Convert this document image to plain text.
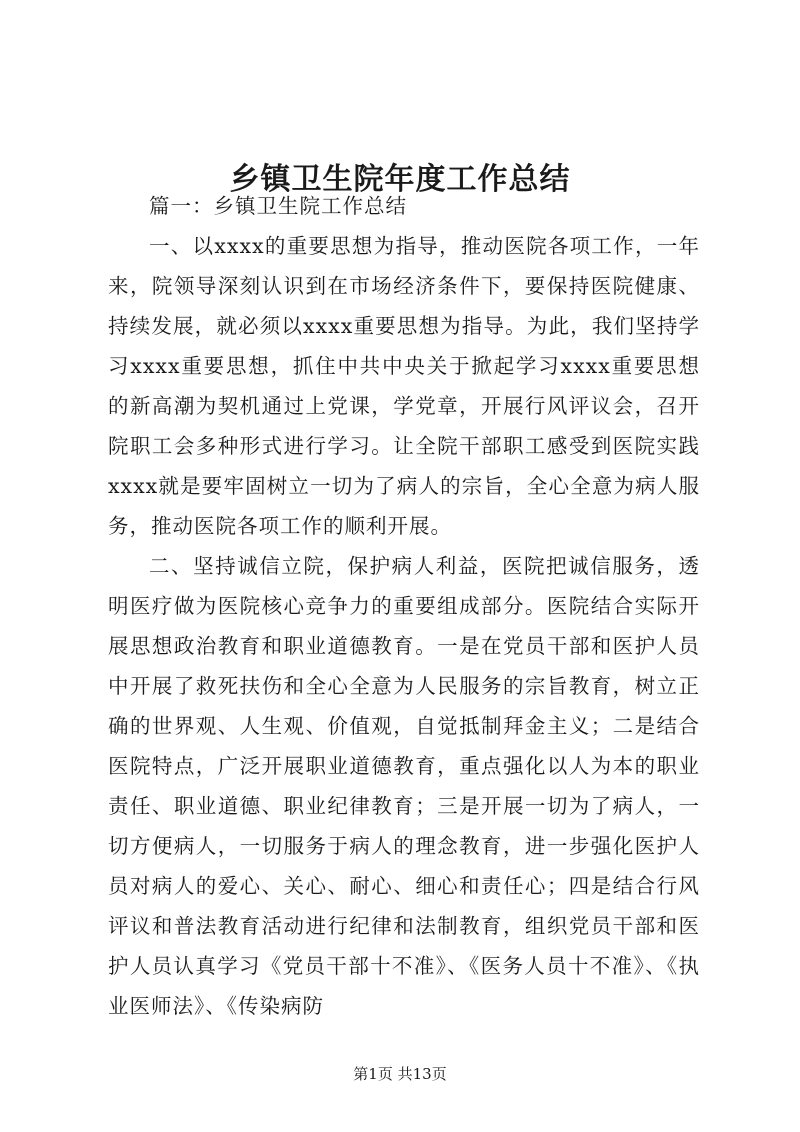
乡镇卫生院年度工作总结

篇一：乡镇卫生院工作总结

一、以xxxx的重要思想为指导，推动医院各项工作，一年来，院领导深刻认识到在市场经济条件下，要保持医院健康、持续发展，就必须以xxxx重要思想为指导。为此，我们坚持学习xxxx重要思想，抓住中共中央关于掀起学习xxxx重要思想的新高潮为契机通过上党课，学党章，开展行风评议会，召开院职工会多种形式进行学习。让全院干部职工感受到医院实践xxxx就是要牢固树立一切为了病人的宗旨，全心全意为病人服务，推动医院各项工作的顺利开展。

二、坚持诚信立院，保护病人利益，医院把诚信服务，透明医疗做为医院核心竞争力的重要组成部分。医院结合实际开展思想政治教育和职业道德教育。一是在党员干部和医护人员中开展了救死扶伤和全心全意为人民服务的宗旨教育，树立正确的世界观、人生观、价值观，自觉抵制拜金主义；二是结合医院特点，广泛开展职业道德教育，重点强化以人为本的职业责任、职业道德、职业纪律教育；三是开展一切为了病人，一切方便病人，一切服务于病人的理念教育，进一步强化医护人员对病人的爱心、关心、耐心、细心和责任心；四是结合行风评议和普法教育活动进行纪律和法制教育，组织党员干部和医护人员认真学习《党员干部十不准》、《医务人员十不准》、《执业医师法》、《传染病防

第1页 共13页
